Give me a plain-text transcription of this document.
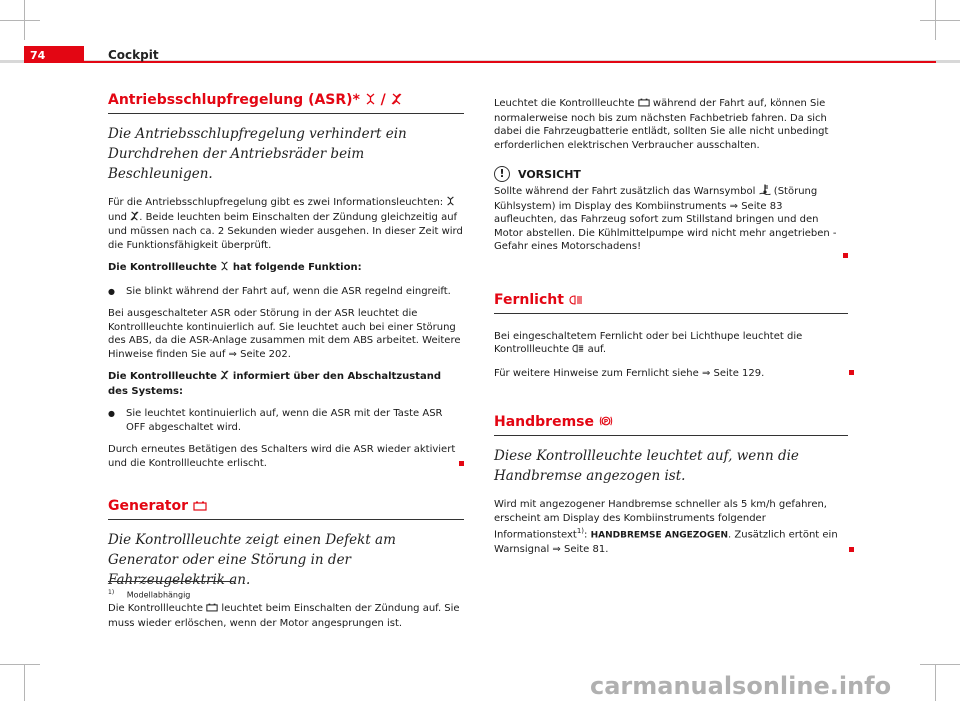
74	Cockpit
Antriebsschlupfregelung (ASR)* /
Die Antriebsschlupfregelung verhindert ein Durchdrehen der Antriebsräder beim Beschleunigen.

Für die Antriebsschlupfregelung gibt es zwei Informationsleuchten:  und . Beide leuchten beim Einschalten der Zündung gleichzeitig auf und müssen nach ca. 2 Sekunden wieder ausgehen. In dieser Zeit wird die Funktionsfähigkeit überprüft.

Die Kontrollleuchte hat folgende Funktion:

● Sie blinkt während der Fahrt auf, wenn die ASR regelnd eingreift.

Bei ausgeschalteter ASR oder Störung in der ASR leuchtet die Kontrollleuchte kontinuierlich auf. Sie leuchtet auch bei einer Störung des ABS, da die ASR-Anlage zusammen mit dem ABS arbeitet. Weitere Hinweise finden Sie auf ⇒ Seite 202.

Die Kontrollleuchte informiert über den Abschaltzustand des Systems:

● Sie leuchtet kontinuierlich auf, wenn die ASR mit der Taste ASR OFF abgeschaltet wird.

Durch erneutes Betätigen des Schalters wird die ASR wieder aktiviert und die Kontrollleuchte erlischt.

Generator
Die Kontrollleuchte zeigt einen Defekt am Generator oder eine Störung in der Fahrzeugelektrik an.

Die Kontrollleuchte leuchtet beim Einschalten der Zündung auf. Sie muss wieder erlöschen, wenn der Motor angesprungen ist.

Leuchtet die Kontrollleuchte während der Fahrt auf, können Sie normalerweise noch bis zum nächsten Fachbetrieb fahren. Da sich dabei die Fahrzeugbatterie entlädt, sollten Sie alle nicht unbedingt erforderlichen elektrischen Verbraucher ausschalten.

!	VORSICHT

Sollte während der Fahrt zusätzlich das Warnsymbol (Störung Kühlsystem) im Display des Kombiinstruments ⇒ Seite 83 aufleuchten, das Fahrzeug sofort zum Stillstand bringen und den Motor abstellen. Die Kühlmittelpumpe wird nicht mehr angetrieben - Gefahr eines Motorschadens!

Fernlicht

Bei eingeschaltetem Fernlicht oder bei Lichthupe leuchtet die Kontrollleuchte auf.

Für weitere Hinweise zum Fernlicht siehe ⇒ Seite 129.

Handbremse (P)
Diese Kontrollleuchte leuchtet auf, wenn die Handbremse angezogen ist.

Wird mit angezogener Handbremse schneller als 5 km/h gefahren, erscheint am Display des Kombiinstruments folgender Informationstext$^{1)}$: HANDBREMSE ANGEZOGEN. Zusätzlich ertönt ein Warnsignal ⇒ Seite 81.

$^{1)}$ Modellabhängig
carmanualsonline.info
